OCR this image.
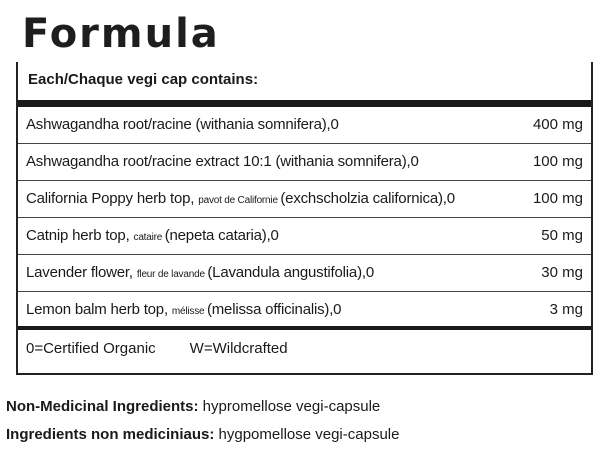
Formula
Each/Chaque vegi cap contains:
Ashwagandha root/racine (withania somnifera),0	400 mg
Ashwagandha root/racine extract 10:1 (withania somnifera),0	100 mg
California Poppy herb top, pavot de Californie (exchscholzia californica),0	100 mg
Catnip herb top, cataire (nepeta cataria),0	50 mg
Lavender flower, fleur de lavande (Lavandula angustifolia),0	30 mg
Lemon balm herb top, mélisse (melissa officinalis),0	3 mg
0=Certified Organic W=Wildcrafted
Non-Medicinal Ingredients: hypromellose vegi-capsule
Ingredients non mediciniaus: hygpomellose vegi-capsule
